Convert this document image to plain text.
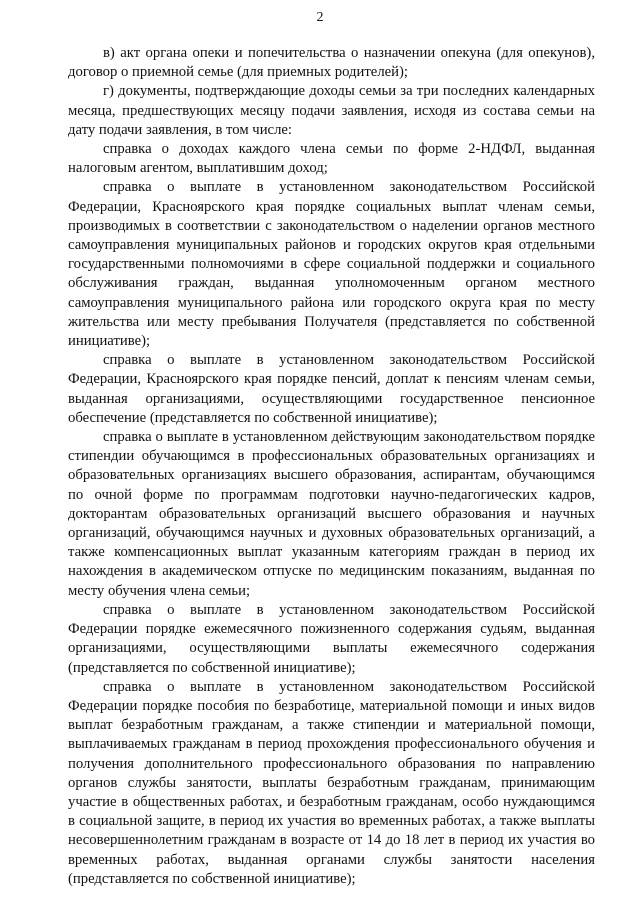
2

в) акт органа опеки и попечительства о назначении опекуна (для опекунов), договор о приемной семье (для приемных родителей);

г) документы, подтверждающие доходы семьи за три последних календарных месяца, предшествующих месяцу подачи заявления, исходя из состава семьи на дату подачи заявления, в том числе:

справка о доходах каждого члена семьи по форме 2-НДФЛ, выданная налоговым агентом, выплатившим доход;

справка о выплате в установленном законодательством Российской Федерации, Красноярского края порядке социальных выплат членам семьи, производимых в соответствии с законодательством о наделении органов местного самоуправления муниципальных районов и городских округов края отдельными государственными полномочиями в сфере социальной поддержки и социального обслуживания граждан, выданная уполномоченным органом местного самоуправления муниципального района или городского округа края по месту жительства или месту пребывания Получателя (представляется по собственной инициативе);

справка о выплате в установленном законодательством Российской Федерации, Красноярского края порядке пенсий, доплат к пенсиям членам семьи, выданная организациями, осуществляющими государственное пенсионное обеспечение (представляется по собственной инициативе);

справка о выплате в установленном действующим законодательством порядке стипендии обучающимся в профессиональных образовательных организациях и образовательных организациях высшего образования, аспирантам, обучающимся по очной форме по программам подготовки научно-педагогических кадров, докторантам образовательных организаций высшего образования и научных организаций, обучающимся научных и духовных образовательных организаций, а также компенсационных выплат указанным категориям граждан в период их нахождения в академическом отпуске по медицинским показаниям, выданная по месту обучения члена семьи;

справка о выплате в установленном законодательством Российской Федерации порядке ежемесячного пожизненного содержания судьям, выданная организациями, осуществляющими выплаты ежемесячного содержания (представляется по собственной инициативе);

справка о выплате в установленном законодательством Российской Федерации порядке пособия по безработице, материальной помощи и иных видов выплат безработным гражданам, а также стипендии и материальной помощи, выплачиваемых гражданам в период прохождения профессионального обучения и получения дополнительного профессионального образования по направлению органов службы занятости, выплаты безработным гражданам, принимающим участие в общественных работах, и безработным гражданам, особо нуждающимся в социальной защите, в период их участия во временных работах, а также выплаты несовершеннолетним гражданам в возрасте от 14 до 18 лет в период их участия во временных работах, выданная органами службы занятости населения (представляется по собственной инициативе);
